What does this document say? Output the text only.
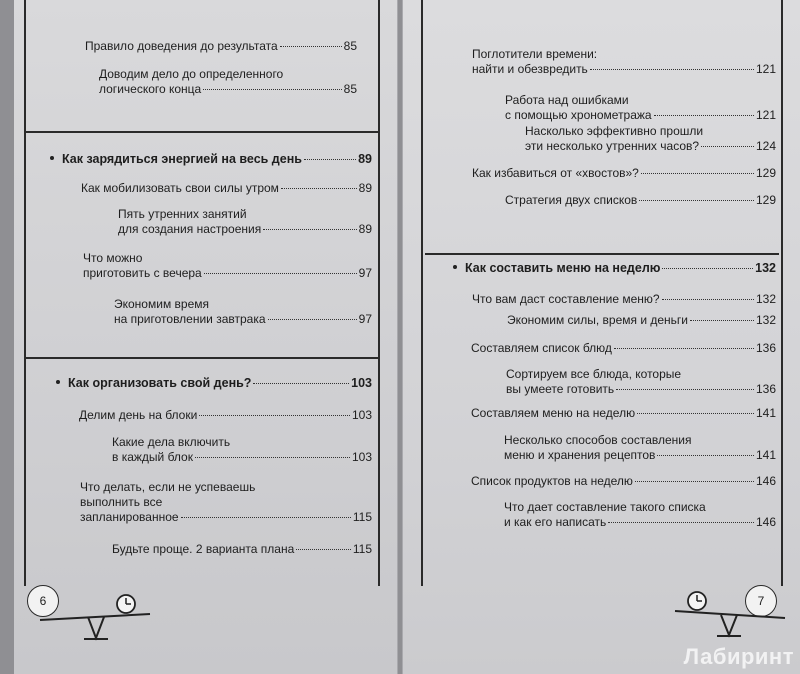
Правило доведения до результата	85
Доводим дело до определенного
логического конца	85
Как зарядиться энергией на весь день	89
Как мобилизовать свои силы утром	89
Пять утренних занятий
для создания настроения	89
Что можно
приготовить с вечера	97
Экономим время
на приготовлении завтрака	97
Как организовать свой день?	103
Делим день на блоки	103
Какие дела включить
в каждый блок	103
Что делать, если не успеваешь
выполнить все
запланированное	115
Будьте проще. 2 варианта плана	115
6
Поглотители времени:
найти и обезвредить	121
Работа над ошибками
с помощью хронометража	121
Насколько эффективно прошли
эти несколько утренних часов?	124
Как избавиться от «хвостов»?	129
Стратегия двух списков	129
Как составить меню на неделю	132
Что вам даст составление меню?	132
Экономим силы, время и деньги	132
Составляем список блюд	136
Сортируем все блюда, которые
вы умеете готовить	136
Составляем меню на неделю	141
Несколько способов составления
меню и хранения рецептов	141
Список продуктов на неделю	146
Что дает составление такого списка
и как его написать	146
7
Лабиринт
